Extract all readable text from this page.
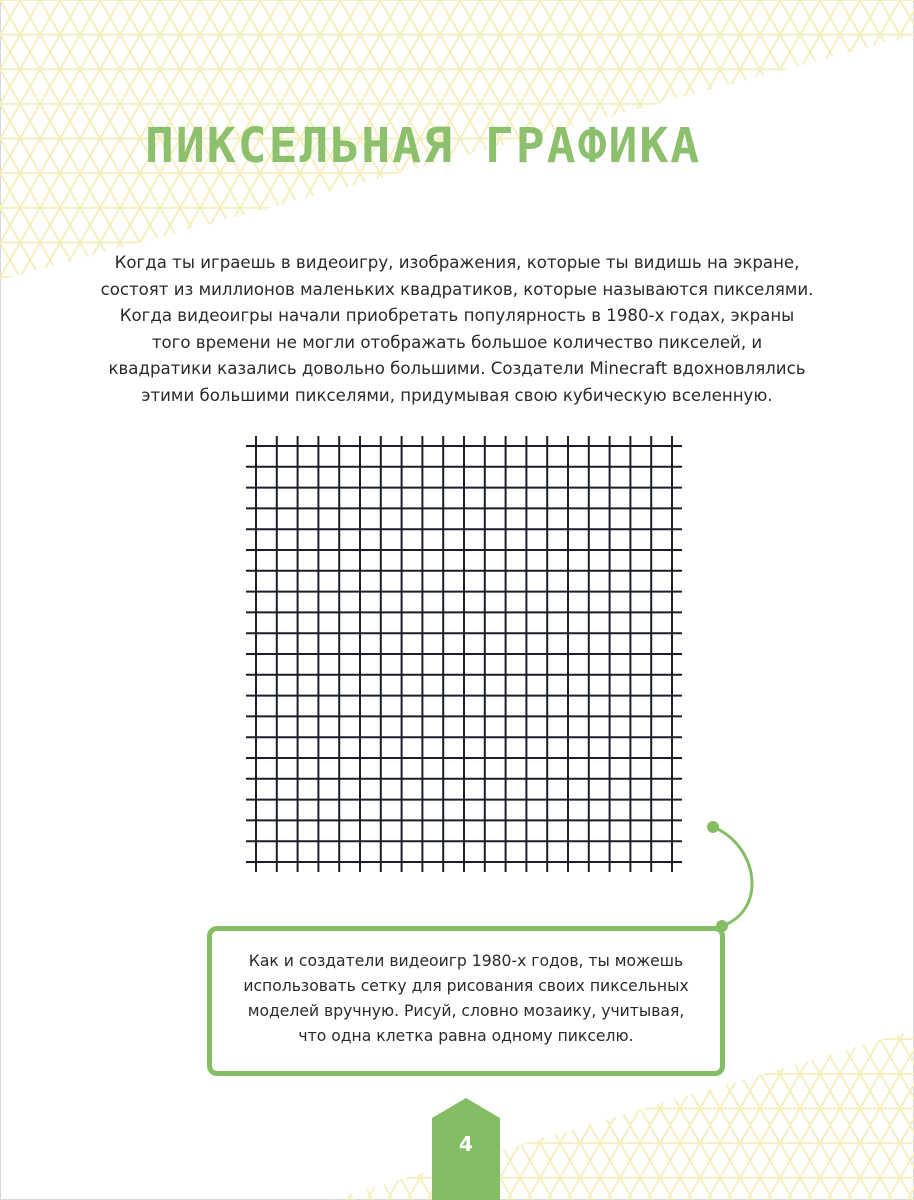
ПИКСЕЛЬНАЯ ГРАФИКА

Когда ты играешь в видеоигру, изображения, которые ты видишь на экране,

состоят из миллионов маленьких квадратиков, которые называются пикселями.

Когда видеоигры начали приобретать популярность в 1980-х годах, экраны

того времени не могли отображать большое количество пикселей, и

квадратики казались довольно большими. Создатели Minecraft вдохновлялись

этими большими пикселями, придумывая свою кубическую вселенную.

Как и создатели видеоигр 1980-х годов, ты можешь

использовать сетку для рисования своих пиксельных

моделей вручную. Рисуй, словно мозаику, учитывая,

что одна клетка равна одному пикселю.

4
